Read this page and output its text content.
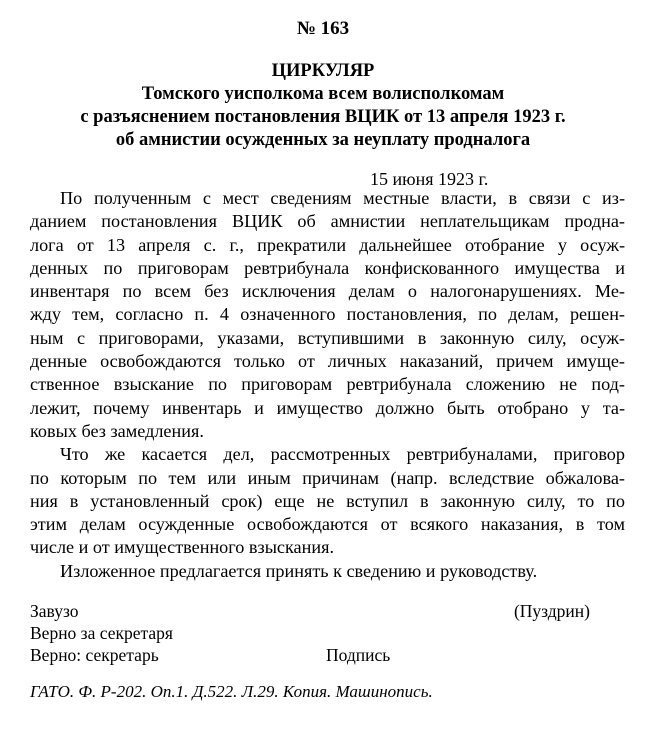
№ 163
ЦИРКУЛЯР
Томского уисполкома всем волисполкомам
с разъяснением постановления ВЦИК от 13 апреля 1923 г.
об амнистии осужденных за неуплату продналога
15 июня 1923 г.
По полученным с мест сведениям местные власти, в связи с из-
данием постановления ВЦИК об амнистии неплательщикам продна-
лога от 13 апреля с. г., прекратили дальнейшее отобрание у осуж-
денных по приговорам ревтрибунала конфискованного имущества и
инвентаря по всем без исключения делам о налогонарушениях. Ме-
жду тем, согласно п. 4 означенного постановления, по делам, решен-
ным с приговорами, указами, вступившими в законную силу, осуж-
денные освобождаются только от личных наказаний, причем имуще-
ственное взыскание по приговорам ревтрибунала сложению не под-
лежит, почему инвентарь и имущество должно быть отобрано у та-
ковых без замедления.
Что же касается дел, рассмотренных ревтрибуналами, приговор
по которым по тем или иным причинам (напр. вследствие обжалова-
ния в установленный срок) еще не вступил в законную силу, то по
этим делам осужденные освобождаются от всякого наказания, в том
числе и от имущественного взыскания.
Изложенное предлагается принять к сведению и руководству.
Завузо	(Пуздрин)
Верно за секретаря
Верно: секретарь	Подпись
ГАТО. Ф. Р-202. Оп.1. Д.522. Л.29. Копия. Машинопись.
